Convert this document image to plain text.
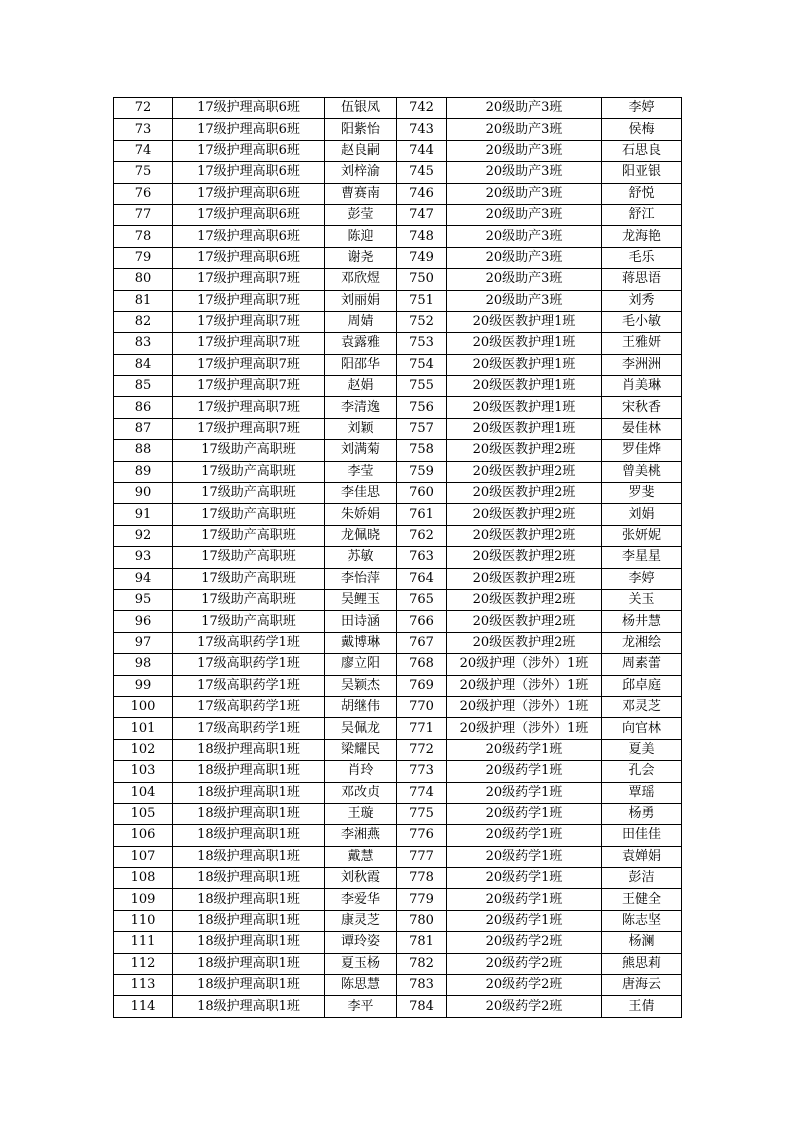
72	17级护理高职6班	伍银凤	742	20级助产3班	李婷
73	17级护理高职6班	阳紫怡	743	20级助产3班	侯梅
74	17级护理高职6班	赵良嗣	744	20级助产3班	石思良
75	17级护理高职6班	刘梓渝	745	20级助产3班	阳亚银
76	17级护理高职6班	曹赛南	746	20级助产3班	舒悦
77	17级护理高职6班	彭莹	747	20级助产3班	舒江
78	17级护理高职6班	陈迎	748	20级助产3班	龙海艳
79	17级护理高职6班	谢尧	749	20级助产3班	毛乐
80	17级护理高职7班	邓欣煜	750	20级助产3班	蒋思语
81	17级护理高职7班	刘丽娟	751	20级助产3班	刘秀
82	17级护理高职7班	周婧	752	20级医教护理1班	毛小敏
83	17级护理高职7班	袁露雅	753	20级医教护理1班	王雅妍
84	17级护理高职7班	阳邵华	754	20级医教护理1班	李洲洲
85	17级护理高职7班	赵娟	755	20级医教护理1班	肖美琳
86	17级护理高职7班	李清逸	756	20级医教护理1班	宋秋香
87	17级护理高职7班	刘颖	757	20级医教护理1班	晏佳林
88	17级助产高职班	刘满菊	758	20级医教护理2班	罗佳烨
89	17级助产高职班	李莹	759	20级医教护理2班	曾美桃
90	17级助产高职班	李佳思	760	20级医教护理2班	罗斐
91	17级助产高职班	朱娇娟	761	20级医教护理2班	刘娟
92	17级助产高职班	龙佩晓	762	20级医教护理2班	张妍妮
93	17级助产高职班	苏敏	763	20级医教护理2班	李星星
94	17级助产高职班	李怡萍	764	20级医教护理2班	李婷
95	17级助产高职班	吴鲤玉	765	20级医教护理2班	关玉
96	17级助产高职班	田诗涵	766	20级医教护理2班	杨井慧
97	17级高职药学1班	戴博琳	767	20级医教护理2班	龙湘绘
98	17级高职药学1班	廖立阳	768	20级护理（涉外）1班	周素蕾
99	17级高职药学1班	吴颖杰	769	20级护理（涉外）1班	邱卓庭
100	17级高职药学1班	胡继伟	770	20级护理（涉外）1班	邓灵芝
101	17级高职药学1班	吴佩龙	771	20级护理（涉外）1班	向官林
102	18级护理高职1班	梁耀民	772	20级药学1班	夏美
103	18级护理高职1班	肖玲	773	20级药学1班	孔会
104	18级护理高职1班	邓改贞	774	20级药学1班	覃瑶
105	18级护理高职1班	王璇	775	20级药学1班	杨勇
106	18级护理高职1班	李湘燕	776	20级药学1班	田佳佳
107	18级护理高职1班	戴慧	777	20级药学1班	袁婵娟
108	18级护理高职1班	刘秋霞	778	20级药学1班	彭洁
109	18级护理高职1班	李爱华	779	20级药学1班	王健全
110	18级护理高职1班	康灵芝	780	20级药学1班	陈志坚
111	18级护理高职1班	谭玲姿	781	20级药学2班	杨澜
112	18级护理高职1班	夏玉杨	782	20级药学2班	熊思莉
113	18级护理高职1班	陈思慧	783	20级药学2班	唐海云
114	18级护理高职1班	李平	784	20级药学2班	王倩
